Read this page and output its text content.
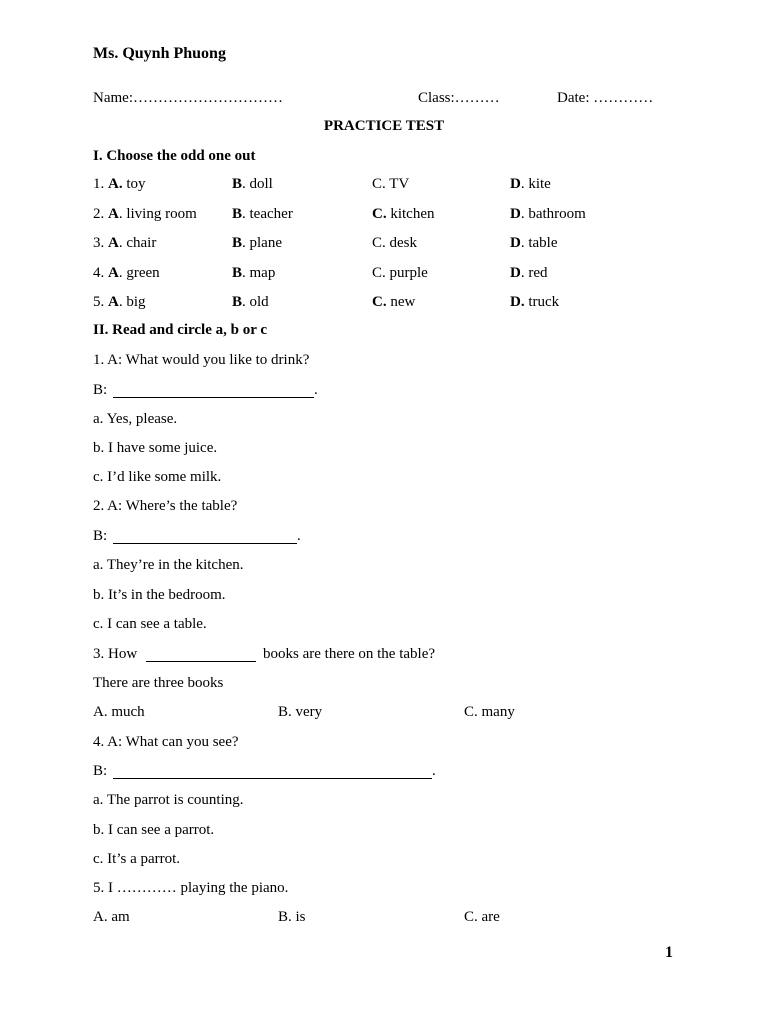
Ms. Quynh Phuong
Name:…………………………	Class:………	Date: …………
PRACTICE TEST
I. Choose the odd one out
1. A. toy	B. doll	C. TV	D. kite
2. A. living room B. teacher	C. kitchen	D. bathroom
3. A. chair	B. plane	C. desk	D. table
4. A. green	B. map	C. purple	D. red
5. A. big	B. old	C. new	D. truck
II. Read and circle a, b or c
1. A: What would you like to drink?
B:	.
a. Yes, please.
b. I have some juice.
c. I’d like some milk.
2. A: Where’s the table?
B:	.
a. They’re in the kitchen.
b. It’s in the bedroom.
c. I can see a table.
3. How	books are there on the table?
There are three books
A. much	B. very	C. many
4. A: What can you see?
B:	.
a. The parrot is counting.
b. I can see a parrot.
c. It’s a parrot.
5. I ………… playing the piano.
A. am	B. is	C. are
1
